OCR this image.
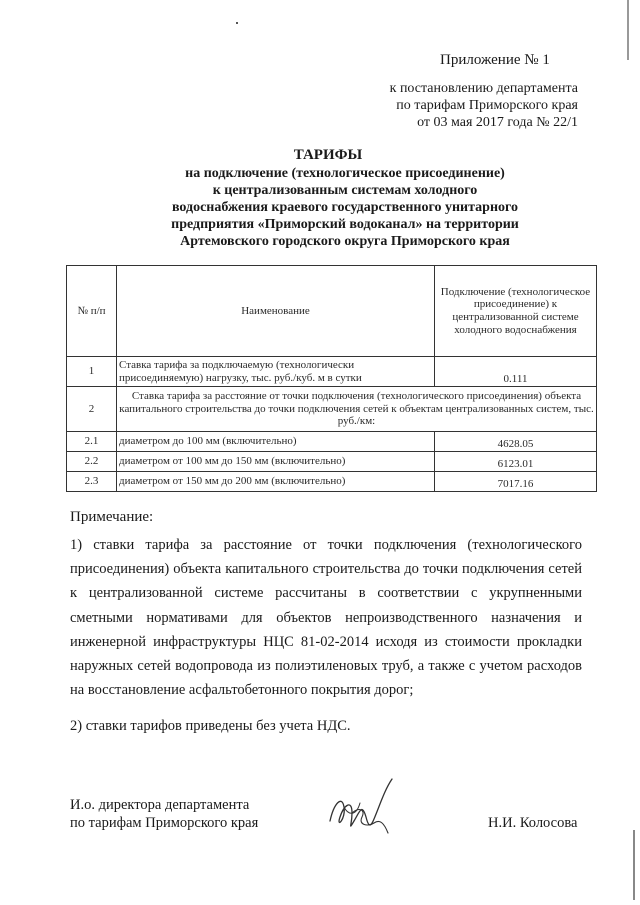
Приложение № 1
к постановлению департамента
по тарифам Приморского края
от 03 мая 2017 года № 22/1
ТАРИФЫ
на подключение (технологическое присоединение)
к централизованным системам холодного
водоснабжения краевого государственного унитарного
предприятия «Приморский водоканал» на территории
Артемовского городского округа Приморского края
№ п/п	Наименование	Подключение (технологическое присоединение) к централизованной системе холодного водоснабжения
1	Ставка тарифа за подключаемую (технологически присоединяемую) нагрузку, тыс. руб./куб. м в сутки	0.111
2	Ставка тарифа за расстояние от точки подключения (технологического присоединения) объекта капитального строительства до точки подключения сетей к объектам централизованных систем, тыс. руб./км:	
2.1	диаметром до 100 мм (включительно)	4628.05
2.2	диаметром от 100 мм до 150 мм (включительно)	6123.01
2.3	диаметром от 150 мм до 200 мм (включительно)	7017.16
Примечание:
1) ставки тарифа за расстояние от точки подключения (технологического присоединения) объекта капитального строительства до точки подключения сетей к централизованной системе рассчитаны в соответствии с укрупненными сметными нормативами для объектов непроизводственного назначения и инженерной инфраструктуры НЦС 81-02-2014 исходя из стоимости прокладки наружных сетей водопровода из полиэтиленовых труб, а также с учетом расходов на восстановление асфальтобетонного покрытия дорог;
2) ставки тарифов приведены без учета НДС.
И.о. директора департамента
по тарифам Приморского края	Н.И. Колосова
